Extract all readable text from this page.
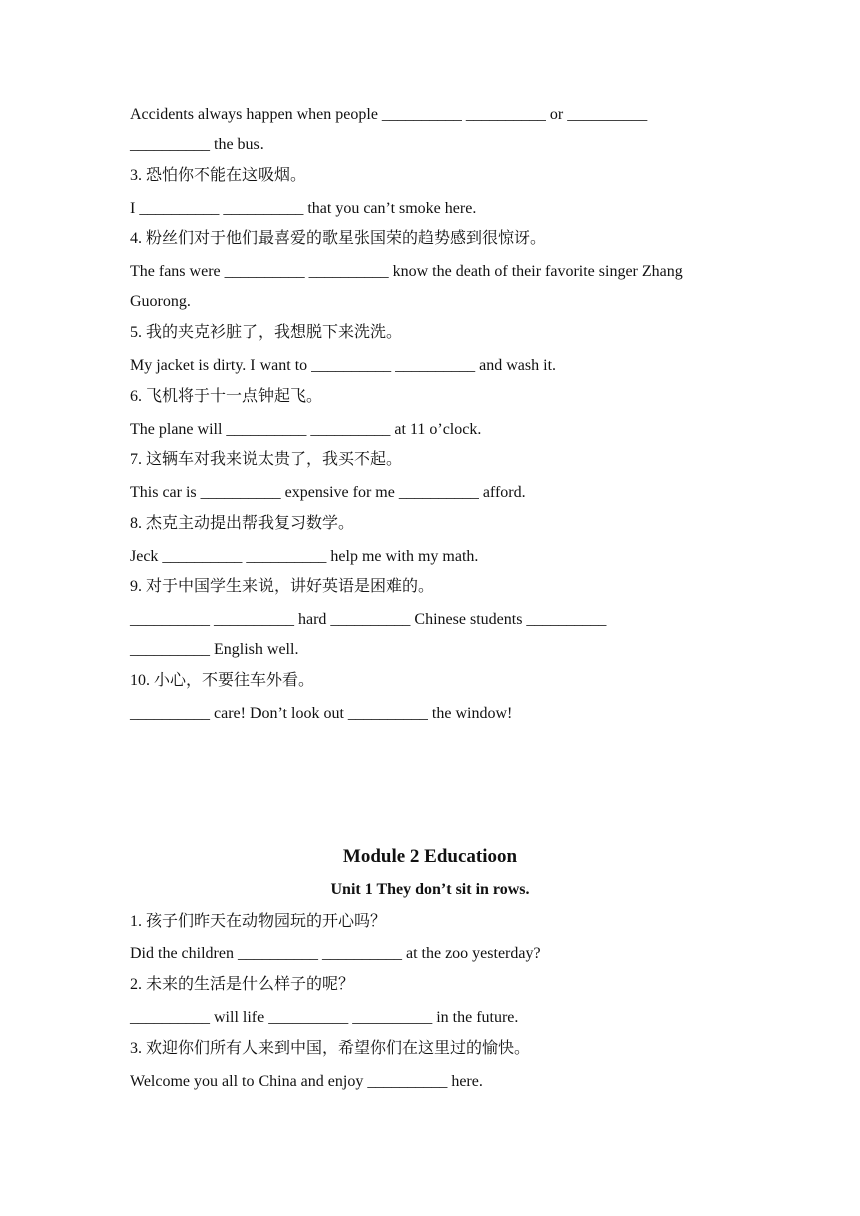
Accidents always happen when people __________ __________ or __________
__________ the bus.
3. 恐怕你不能在这吸烟。
I __________ __________ that you can’t smoke here.
4. 粉丝们对于他们最喜爱的歌星张国荣的趋势感到很惊讶。
The fans were __________ __________ know the death of their favorite singer Zhang
Guorong.
5. 我的夹克衫脏了，我想脱下来洗洗。
My jacket is dirty. I want to __________ __________ and wash it.
6. 飞机将于十一点钟起飞。
The plane will __________ __________ at 11 o’clock.
7. 这辆车对我来说太贵了，我买不起。
This car is __________ expensive for me __________ afford.
8. 杰克主动提出帮我复习数学。
Jeck __________ __________ help me with my math.
9. 对于中国学生来说，讲好英语是困难的。
__________ __________ hard __________ Chinese students __________
__________ English well.
10. 小心，不要往车外看。
__________ care! Don’t look out __________ the window!
Module 2 Educatioon
Unit 1 They don’t sit in rows.
1. 孩子们昨天在动物园玩的开心吗？
Did the children __________ __________ at the zoo yesterday?
2. 未来的生活是什么样子的呢？
__________ will life __________ __________ in the future.
3. 欢迎你们所有人来到中国，希望你们在这里过的愉快。
Welcome you all to China and enjoy __________ here.
